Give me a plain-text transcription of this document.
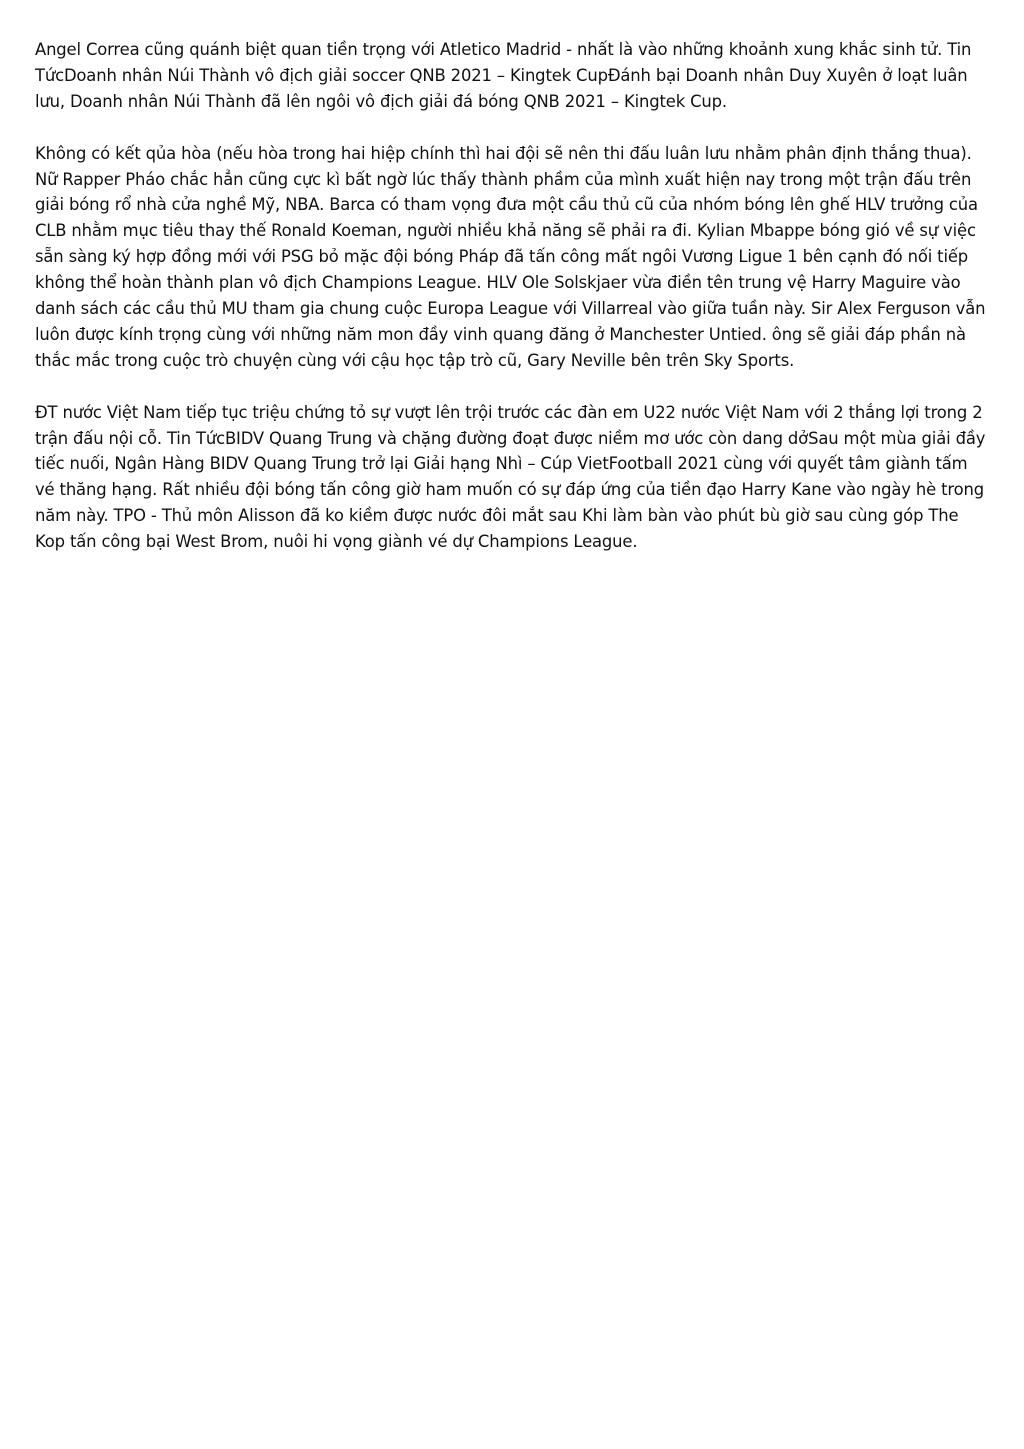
Angel Correa cũng quánh biệt quan tiền trọng với Atletico Madrid - nhất là vào những khoảnh xung khắc sinh tử. Tin TứcDoanh nhân Núi Thành vô địch giải soccer QNB 2021 – Kingtek CupĐánh bại Doanh nhân Duy Xuyên ở loạt luân lưu, Doanh nhân Núi Thành đã lên ngôi vô địch giải đá bóng QNB 2021 – Kingtek Cup.

Không có kết qủa hòa (nếu hòa trong hai hiệp chính thì hai đội sẽ nên thi đấu luân lưu nhằm phân định thắng thua). Nữ Rapper Pháo chắc hẳn cũng cực kì bất ngờ lúc thấy thành phầm của mình xuất hiện nay trong một trận đấu trên giải bóng rổ nhà cửa nghề Mỹ, NBA. Barca có tham vọng đưa một cầu thủ cũ của nhóm bóng lên ghế HLV trưởng của CLB nhằm mục tiêu thay thế Ronald Koeman, người nhiều khả năng sẽ phải ra đi. Kylian Mbappe bóng gió về sự việc sẵn sàng ký hợp đồng mới với PSG bỏ mặc đội bóng Pháp đã tấn công mất ngôi Vương Ligue 1 bên cạnh đó nối tiếp không thể hoàn thành plan vô địch Champions League. HLV Ole Solskjaer vừa điền tên trung vệ Harry Maguire vào danh sách các cầu thủ MU tham gia chung cuộc Europa League với Villarreal vào giữa tuần này. Sir Alex Ferguson vẫn luôn được kính trọng cùng với những năm mon đầy vinh quang đăng ở Manchester Untied. ông sẽ giải đáp phần nà thắc mắc trong cuộc trò chuyện cùng với cậu học tập trò cũ, Gary Neville bên trên Sky Sports.

ĐT nước Việt Nam tiếp tục triệu chứng tỏ sự vượt lên trội trước các đàn em U22 nước Việt Nam với 2 thắng lợi trong 2 trận đấu nội cỗ. Tin TứcBIDV Quang Trung và chặng đường đoạt được niềm mơ ước còn dang dởSau một mùa giải đầy tiếc nuối, Ngân Hàng BIDV Quang Trung trở lại Giải hạng Nhì – Cúp VietFootball 2021 cùng với quyết tâm giành tấm vé thăng hạng. Rất nhiều đội bóng tấn công giờ ham muốn có sự đáp ứng của tiền đạo Harry Kane vào ngày hè trong năm này. TPO - Thủ môn Alisson đã ko kiềm được nước đôi mắt sau Khi làm bàn vào phút bù giờ sau cùng góp The Kop tấn công bại West Brom, nuôi hi vọng giành vé dự Champions League.
